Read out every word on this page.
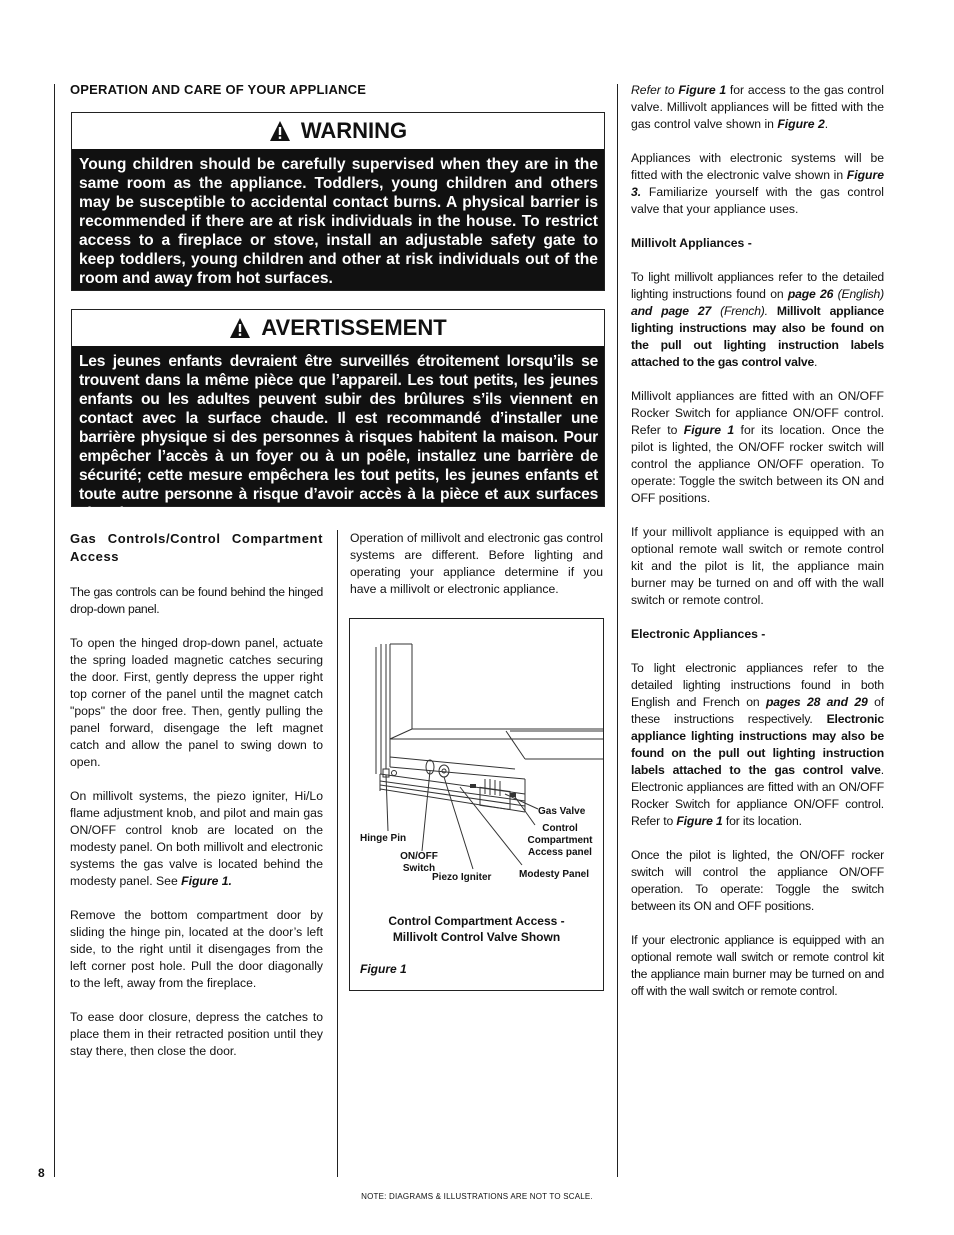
OPERATION AND CARE OF YOUR APPLIANCE
WARNING
Young children should be carefully supervised when they are in the same room as the appliance. Toddlers, young children and others may be susceptible to accidental contact burns. A physical barrier is recommended if there are at risk individuals in the house. To restrict access to a fireplace or stove, install an adjustable safety gate to keep toddlers, young children and other at risk individuals out of the room and away from hot surfaces.
AVERTISSEMENT
Les jeunes enfants devraient être surveillés étroitement lorsqu’ils se trouvent dans la même pièce que l’appareil. Les tout petits, les jeunes enfants ou les adultes peuvent subir des brûlures s’ils viennent en contact avec la surface chaude. Il est recommandé d’installer une barrière physique si des personnes à risques habitent la maison. Pour empêcher l’accès à un foyer ou à un poêle, installez une barrière de sécurité; cette mesure empêchera les tout petits, les jeunes enfants et toute autre personne à risque d’avoir accès à la pièce et aux surfaces chaudes.

Gas Controls/Control Compartment Access

The gas controls can be found behind the hinged drop-down panel.

To open the hinged drop-down panel, actuate the spring loaded magnetic catches securing the door. First, gently depress the upper right top corner of the panel until the magnet catch "pops" the door free. Then, gently pulling the panel forward, disengage the left magnet catch and allow the panel to swing down to open.

On millivolt systems, the piezo igniter, Hi/Lo flame adjustment knob, and pilot and main gas ON/OFF control knob are located on the modesty panel. On both millivolt and electronic systems the gas valve is located behind the modesty panel. See Figure 1.

Remove the bottom compartment door by sliding the hinge pin, located at the door’s left side, to the right until it disengages from the left corner post hole. Pull the door diagonally to the left, away from the fireplace.

To ease door closure, depress the catches to place them in their retracted position until they stay there, then close the door.

Operation of millivolt and electronic gas control systems are different. Before lighting and operating your appliance determine if you have a millivolt or electronic appliance.

Gas Valve
Control Compartment Access panel
Hinge Pin
ON/OFF
Switch
Piezo Igniter	Modesty Panel
Control Compartment Access -
Millivolt Control Valve Shown
Figure 1

Refer to Figure 1 for access to the gas control valve. Millivolt appliances will be fitted with the gas control valve shown in Figure 2.

Appliances with electronic systems will be fitted with the electronic valve shown in Figure 3. Familiarize yourself with the gas control valve that your appliance uses.

Millivolt Appliances -

To light millivolt appliances refer to the detailed lighting instructions found on page 26 (English) and page 27 (French). Millivolt appliance lighting instructions may also be found on the pull out lighting instruction labels attached to the gas control valve.

Millivolt appliances are fitted with an ON/OFF Rocker Switch for appliance ON/OFF control. Refer to Figure 1 for its location. Once the pilot is lighted, the ON/OFF rocker switch will control the appliance ON/OFF operation. To operate: Toggle the switch between its ON and OFF positions.

If your millivolt appliance is equipped with an optional remote wall switch or remote control kit and the pilot is lit, the appliance main burner may be turned on and off with the wall switch or remote control.

Electronic Appliances -

To light electronic appliances refer to the detailed lighting instructions found in both English and French on pages 28 and 29 of these instructions respectively. Electronic appliance lighting instructions may also be found on the pull out lighting instruction labels attached to the gas control valve. Electronic appliances are fitted with an ON/OFF Rocker Switch for appliance ON/OFF control. Refer to Figure 1 for its location.

Once the pilot is lighted, the ON/OFF rocker switch will control the appliance ON/OFF operation. To operate: Toggle the switch between its ON and OFF positions.

If your electronic appliance is equipped with an optional remote wall switch or remote control kit the appliance main burner may be turned on and off with the wall switch or remote control.

8
NOTE: DIAGRAMS & ILLUSTRATIONS ARE NOT TO SCALE.
